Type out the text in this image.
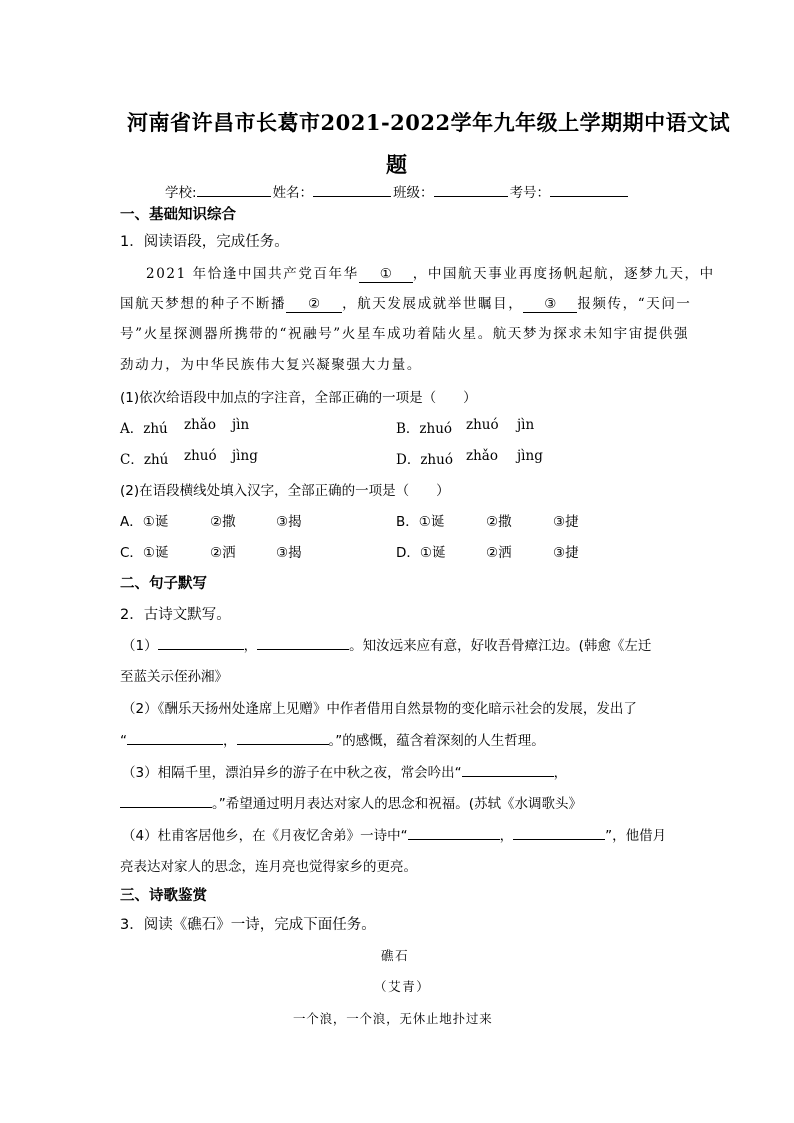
河南省许昌市长葛市2021-2022学年九年级上学期期中语文试
题
学校:	姓名：	班级：	考号：
一、基础知识综合
1．阅读语段，完成任务。
2021 年恰逢中国共产党百年华 ① ，中国航天事业再度扬帆起航，逐梦九天，中
国航天梦想的种子不断播 ② ，航天发展成就举世瞩目， ③ 报频传，“天问一
号”火星探测器所携带的“祝融号”火星车成功着陆火星。航天梦为探求未知宇宙提供强
劲动力，为中华民族伟大复兴凝聚强大力量。
(1)依次给语段中加点的字注音，全部正确的一项是（　　）
A．zhú zhǎo jìn	B．zhuó zhuó jìn
C．zhú zhuó jìng	D．zhuó zhǎo jìng
(2)在语段横线处填入汉字，全部正确的一项是（　　）
A．①诞	②撒	③揭	B．①诞	②撒	③捷
C．①诞	②洒	③揭	D．①诞	②洒	③捷
二、句子默写
2．古诗文默写。
（1）	，	。知汝远来应有意，好收吾骨瘴江边。(韩愈《左迁
至蓝关示侄孙湘》
（2）《酬乐天扬州处逢席上见赠》中作者借用自然景物的变化暗示社会的发展，发出了
“	，	。”的感慨，蕴含着深刻的人生哲理。
（3）相隔千里，漂泊异乡的游子在中秋之夜，常会吟出“	，
。”希望通过明月表达对家人的思念和祝福。(苏轼《水调歌头》
（4）杜甫客居他乡，在《月夜忆舍弟》一诗中“	，	”，他借月
亮表达对家人的思念，连月亮也觉得家乡的更亮。
三、诗歌鉴赏
3．阅读《礁石》一诗，完成下面任务。
礁石
（艾青）
一个浪，一个浪，无休止地扑过来
